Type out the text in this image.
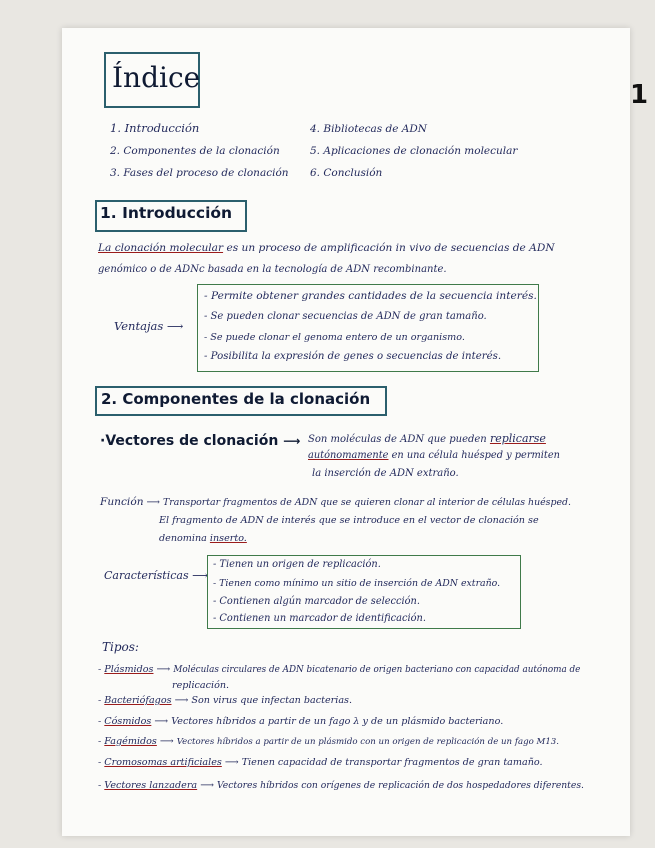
1
Índice
1. Introducción
2. Componentes de la clonación
3. Fases del proceso de clonación
4. Bibliotecas de ADN
5. Aplicaciones de clonación molecular
6. Conclusión
1. Introducción
La clonación molecular es un proceso de amplificación in vivo de secuencias de ADN
genómico o de ADNc basada en la tecnología de ADN recombinante.
Ventajas ⟶
- Permite obtener grandes cantidades de la secuencia interés.
- Se pueden clonar secuencias de ADN de gran tamaño.
- Se puede clonar el genoma entero de un organismo.
- Posibilita la expresión de genes o secuencias de interés.
2. Componentes de la clonación
·Vectores de clonación ⟶ Son moléculas de ADN que pueden replicarse
autónomamente en una célula huésped y permiten
la inserción de ADN extraño.
Función ⟶ Transportar fragmentos de ADN que se quieren clonar al interior de células huésped.
El fragmento de ADN de interés que se introduce en el vector de clonación se
denomina inserto.
Características ⟶
- Tienen un origen de replicación.
- Tienen como mínimo un sitio de inserción de ADN extraño.
- Contienen algún marcador de selección.
- Contienen un marcador de identificación.
Tipos:
- Plásmidos ⟶ Moléculas circulares de ADN bicatenario de origen bacteriano con capacidad autónoma de
replicación.
- Bacteriófagos ⟶ Son virus que infectan bacterias.
- Cósmidos ⟶ Vectores híbridos a partir de un fago λ y de un plásmido bacteriano.
- Fagémidos ⟶ Vectores híbridos a partir de un plásmido con un origen de replicación de un fago M13.
- Cromosomas artificiales ⟶ Tienen capacidad de transportar fragmentos de gran tamaño.
- Vectores lanzadera ⟶ Vectores híbridos con orígenes de replicación de dos hospedadores diferentes.
